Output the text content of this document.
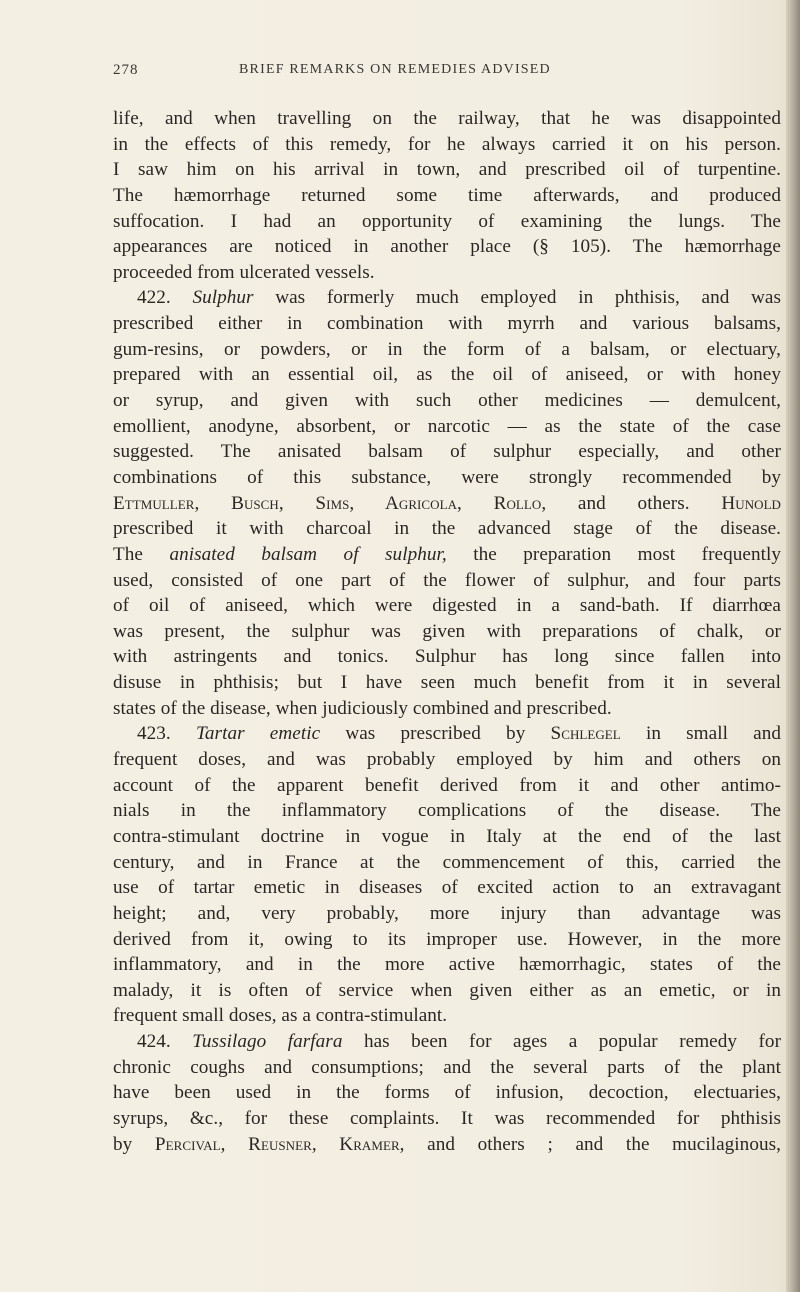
278	BRIEF REMARKS ON REMEDIES ADVISED
life, and when travelling on the railway, that he was disappointed
in the effects of this remedy, for he always carried it on his person.
I saw him on his arrival in town, and prescribed oil of turpentine.
The hæmorrhage returned some time afterwards, and produced
suffocation. I had an opportunity of examining the lungs. The
appearances are noticed in another place (§ 105). The hæmorrhage
proceeded from ulcerated vessels.
422. Sulphur was formerly much employed in phthisis, and was
prescribed either in combination with myrrh and various balsams,
gum-resins, or powders, or in the form of a balsam, or electuary,
prepared with an essential oil, as the oil of aniseed, or with honey
or syrup, and given with such other medicines — demulcent,
emollient, anodyne, absorbent, or narcotic — as the state of the case
suggested. The anisated balsam of sulphur especially, and other
combinations of this substance, were strongly recommended by
Ettmuller, Busch, Sims, Agricola, Rollo, and others. Hunold
prescribed it with charcoal in the advanced stage of the disease.
The anisated balsam of sulphur, the preparation most frequently
used, consisted of one part of the flower of sulphur, and four parts
of oil of aniseed, which were digested in a sand-bath. If diarrhœa
was present, the sulphur was given with preparations of chalk, or
with astringents and tonics. Sulphur has long since fallen into
disuse in phthisis; but I have seen much benefit from it in several
states of the disease, when judiciously combined and prescribed.
423. Tartar emetic was prescribed by Schlegel in small and
frequent doses, and was probably employed by him and others on
account of the apparent benefit derived from it and other antimo-
nials in the inflammatory complications of the disease. The
contra-stimulant doctrine in vogue in Italy at the end of the last
century, and in France at the commencement of this, carried the
use of tartar emetic in diseases of excited action to an extravagant
height; and, very probably, more injury than advantage was
derived from it, owing to its improper use. However, in the more
inflammatory, and in the more active hæmorrhagic, states of the
malady, it is often of service when given either as an emetic, or in
frequent small doses, as a contra-stimulant.
424. Tussilago farfara has been for ages a popular remedy for
chronic coughs and consumptions; and the several parts of the plant
have been used in the forms of infusion, decoction, electuaries,
syrups, &c., for these complaints. It was recommended for phthisis
by Percival, Reusner, Kramer, and others ; and the mucilaginous,
